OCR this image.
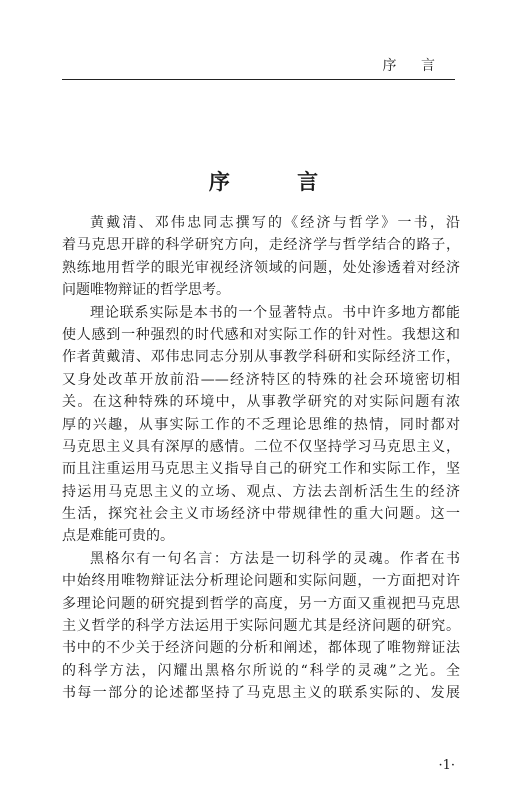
序 言
序 言
黄戴清、邓伟忠同志撰写的《经济与哲学》一书，沿
着马克思开辟的科学研究方向，走经济学与哲学结合的路子，
熟练地用哲学的眼光审视经济领域的问题，处处渗透着对经济
问题唯物辩证的哲学思考。
理论联系实际是本书的一个显著特点。书中许多地方都能
使人感到一种强烈的时代感和对实际工作的针对性。我想这和
作者黄戴清、邓伟忠同志分别从事教学科研和实际经济工作，
又身处改革开放前沿——经济特区的特殊的社会环境密切相
关。在这种特殊的环境中，从事教学研究的对实际问题有浓
厚的兴趣，从事实际工作的不乏理论思维的热情，同时都对
马克思主义具有深厚的感情。二位不仅坚持学习马克思主义，
而且注重运用马克思主义指导自己的研究工作和实际工作，坚
持运用马克思主义的立场、观点、方法去剖析活生生的经济
生活，探究社会主义市场经济中带规律性的重大问题。这一
点是难能可贵的。
黑格尔有一句名言：方法是一切科学的灵魂。作者在书
中始终用唯物辩证法分析理论问题和实际问题，一方面把对许
多理论问题的研究提到哲学的高度，另一方面又重视把马克思
主义哲学的科学方法运用于实际问题尤其是经济问题的研究。
书中的不少关于经济问题的分析和阐述，都体现了唯物辩证法
的科学方法，闪耀出黑格尔所说的“科学的灵魂”之光。全
书每一部分的论述都坚持了马克思主义的联系实际的、发展
·1·
